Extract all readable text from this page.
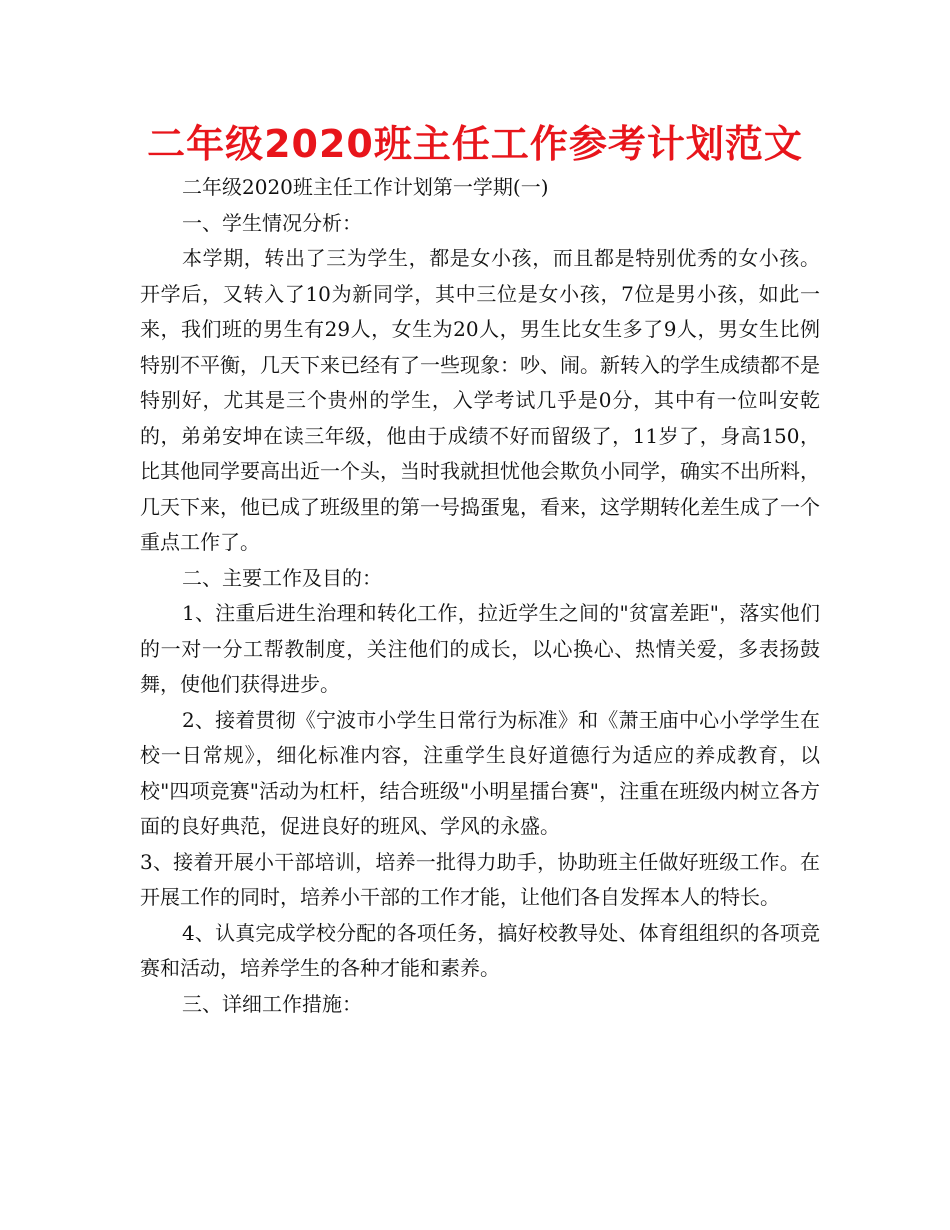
二年级2020班主任工作参考计划范文

二年级2020班主任工作计划第一学期(一)

一、学生情况分析：

本学期，转出了三为学生，都是女小孩，而且都是特别优秀的女小孩。开学后，又转入了10为新同学，其中三位是女小孩，7位是男小孩，如此一来，我们班的男生有29人，女生为20人，男生比女生多了9人，男女生比例特别不平衡，几天下来已经有了一些现象：吵、闹。新转入的学生成绩都不是特别好，尤其是三个贵州的学生，入学考试几乎是0分，其中有一位叫安乾的，弟弟安坤在读三年级，他由于成绩不好而留级了，11岁了，身高150，比其他同学要高出近一个头，当时我就担忧他会欺负小同学，确实不出所料，几天下来，他已成了班级里的第一号捣蛋鬼，看来，这学期转化差生成了一个重点工作了。

二、主要工作及目的：

1、注重后进生治理和转化工作，拉近学生之间的"贫富差距"，落实他们的一对一分工帮教制度，关注他们的成长，以心换心、热情关爱，多表扬鼓舞，使他们获得进步。

2、接着贯彻《宁波市小学生日常行为标准》和《萧王庙中心小学学生在校一日常规》，细化标准内容，注重学生良好道德行为适应的养成教育，以校"四项竞赛"活动为杠杆，结合班级"小明星擂台赛"，注重在班级内树立各方面的良好典范，促进良好的班风、学风的永盛。

3、接着开展小干部培训，培养一批得力助手，协助班主任做好班级工作。在开展工作的同时，培养小干部的工作才能，让他们各自发挥本人的特长。

4、认真完成学校分配的各项任务，搞好校教导处、体育组组织的各项竞赛和活动，培养学生的各种才能和素养。

三、详细工作措施：
